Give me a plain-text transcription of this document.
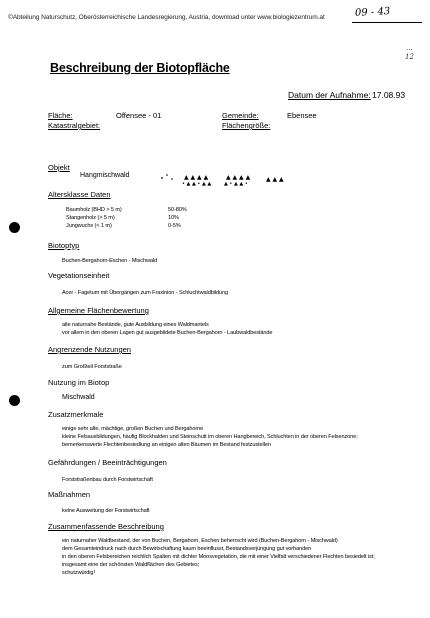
©Abteilung Naturschutz, Oberösterreichische Landesregierung, Austria, download unter www.biologiezentrum.at	09 - 43
...
12
Beschreibung der Biotopfläche
Datum der Aufnahme: 17.08.93
Fläche:	Offensee - 01
Katastralgebiet:
Gemeinde:	Ebensee
Flächengröße:
Objekt
Hangmischwald	▲ ▲ ▲ ▲
• ▲ ▲ • ▲ ▲
▲ ▲ ▲ ▲
▲ • ▲ ▲ •
▲ ▲ ▲
Altersklasse Daten
Baumholz (BHD > 5 m)	50-80%
Stangenholz (> 5 m)	10%
Jungwuchs (< 1 m)	0-5%
Biotoptyp
Buchen-Bergahorn-Eschen - Mischwald
Vegetationseinheit
Acer - Fagetum mit Übergängen zum Fraxinion - Schluchtwaldbildung
Allgemeine Flächenbewertung
alte naturnahe Bestände, gute Ausbildung eines Waldmantels
vor allem in den oberen Lagen gut ausgebildete Buchen-Bergahorn - Laubwaldbestände
Angrenzende Nutzungen
zum Großteil Forststraße
Nutzung im Biotop
Mischwald
Zusatzmerkmale
einige sehr alte, mächtige, großen Buchen und Bergahorne
kleine Felsausbildungen, häufig Blockhalden und Steinschutt im oberen Hangbereich, Schluchten in der oberen Felsenzone;
bemerkenswerte Flechtenbesiedlung an einigen alten Bäumen im Bestand festzustellen
Gefährdungen / Beeinträchtigungen
Forststraßenbau durch Forstwirtschaft
Maßnahmen
keine Ausweitung der Forstwirtschaft
Zusammenfassende Beschreibung
ein naturnaher Waldbestand, der von Buchen, Bergahorn, Eschen beherrscht wird (Buchen-Bergahorn - Mischwald)
dem Gesamteindruck nach durch Bewirtschaftung kaum beeinflusst, Bestandsverjüngung gut vorhanden
in den oberen Felsbereichen reichlich Spalten mit dichter Moosvegetation, die mit einer Vielfalt verschiedener Flechten besiedelt ist;
insgesamt eine der schönsten Waldflächen des Gebietes;
schutzwürdig!
